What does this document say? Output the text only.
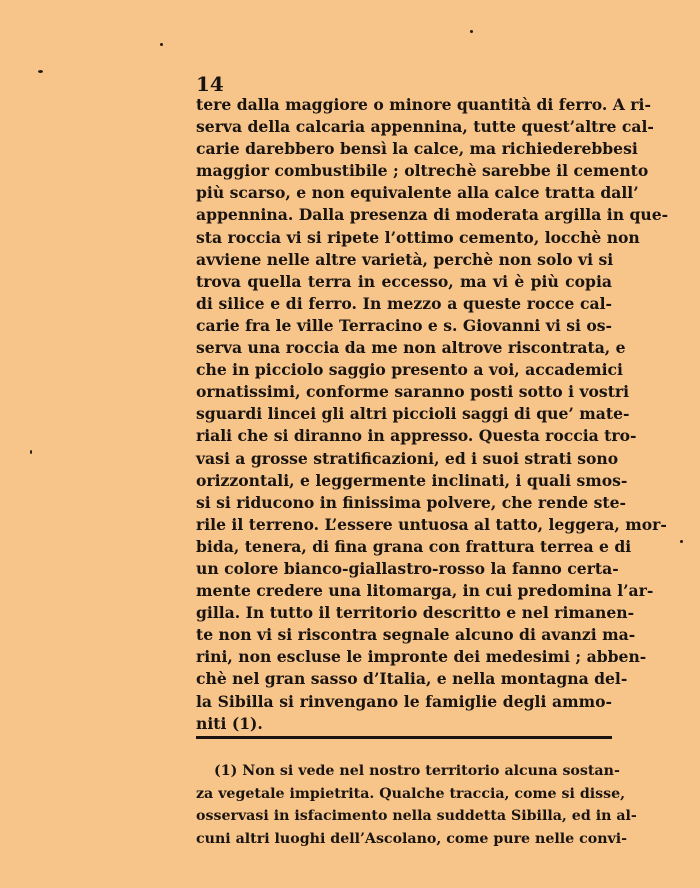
14
tere dalla maggiore o minore quantità di ferro. A ri-
serva della calcaria appennina, tutte quest’altre cal-
carie darebbero bensì la calce, ma richiederebbesi
maggior combustibile ; oltrechè sarebbe il cemento
più scarso, e non equivalente alla calce tratta dall’
appennina. Dalla presenza di moderata argilla in que-
sta roccia vi si ripete l’ottimo cemento, locchè non
avviene nelle altre varietà, perchè non solo vi si
trova quella terra in eccesso, ma vi è più copia
di silice e di ferro. In mezzo a queste rocce cal-
carie fra le ville Terracino e s. Giovanni vi si os-
serva una roccia da me non altrove riscontrata, e
che in picciolo saggio presento a voi, accademici
ornatissimi, conforme saranno posti sotto i vostri
sguardi lincei gli altri piccioli saggi di que’ mate-
riali che si diranno in appresso. Questa roccia tro-
vasi a grosse stratificazioni, ed i suoi strati sono
orizzontali, e leggermente inclinati, i quali smos-
si si riducono in finissima polvere, che rende ste-
rile il terreno. L’essere untuosa al tatto, leggera, mor-
bida, tenera, di fina grana con frattura terrea e di
un colore bianco-giallastro-rosso la fanno certa-
mente credere una litomarga, in cui predomina l’ar-
gilla. In tutto il territorio descritto e nel rimanen-
te non vi si riscontra segnale alcuno di avanzi ma-
rini, non escluse le impronte dei medesimi ; abben-
chè nel gran sasso d’Italia, e nella montagna del-
la Sibilla si rinvengano le famiglie degli ammo-
niti (1).
(1) Non si vede nel nostro territorio alcuna sostan-
za vegetale impietrita. Qualche traccia, come si disse,
osservasi in isfacimento nella suddetta Sibilla, ed in al-
cuni altri luoghi dell’Ascolano, come pure nelle convi-
